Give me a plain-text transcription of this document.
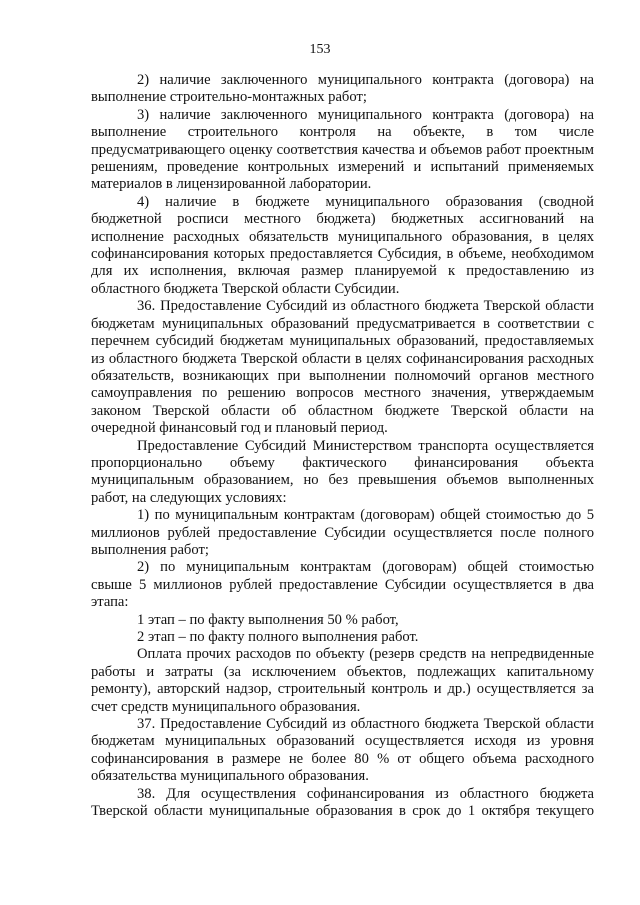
153

2) наличие заключенного муниципального контракта (договора) на выполнение строительно-монтажных работ;

3) наличие заключенного муниципального контракта (договора) на выполнение строительного контроля на объекте, в том числе предусматривающего оценку соответствия качества и объемов работ проектным решениям, проведение контрольных измерений и испытаний применяемых материалов в лицензированной лаборатории.

4) наличие в бюджете муниципального образования (сводной бюджетной росписи местного бюджета) бюджетных ассигнований на исполнение расходных обязательств муниципального образования, в целях софинансирования которых предоставляется Субсидия, в объеме, необходимом для их исполнения, включая размер планируемой к предоставлению из областного бюджета Тверской области Субсидии.

36. Предоставление Субсидий из областного бюджета Тверской области бюджетам муниципальных образований предусматривается в соответствии с перечнем субсидий бюджетам муниципальных образований, предоставляемых из областного бюджета Тверской области в целях софинансирования расходных обязательств, возникающих при выполнении полномочий органов местного самоуправления по решению вопросов местного значения, утверждаемым законом Тверской области об областном бюджете Тверской области на очередной финансовый год и плановый период.

Предоставление Субсидий Министерством транспорта осуществляется пропорционально объему фактического финансирования объекта муниципальным образованием, но без превышения объемов выполненных работ, на следующих условиях:

1) по муниципальным контрактам (договорам) общей стоимостью до 5 миллионов рублей предоставление Субсидии осуществляется после полного выполнения работ;

2) по муниципальным контрактам (договорам) общей стоимостью свыше 5 миллионов рублей предоставление Субсидии осуществляется в два этапа:

1 этап – по факту выполнения 50 % работ,

2 этап – по факту полного выполнения работ.

Оплата прочих расходов по объекту (резерв средств на непредвиденные работы и затраты (за исключением объектов, подлежащих капитальному ремонту), авторский надзор, строительный контроль и др.) осуществляется за счет средств муниципального образования.

37. Предоставление Субсидий из областного бюджета Тверской области бюджетам муниципальных образований осуществляется исходя из уровня софинансирования в размере не более 80 % от общего объема расходного обязательства муниципального образования.

38. Для осуществления софинансирования из областного бюджета Тверской области муниципальные образования в срок до 1 октября текущего
